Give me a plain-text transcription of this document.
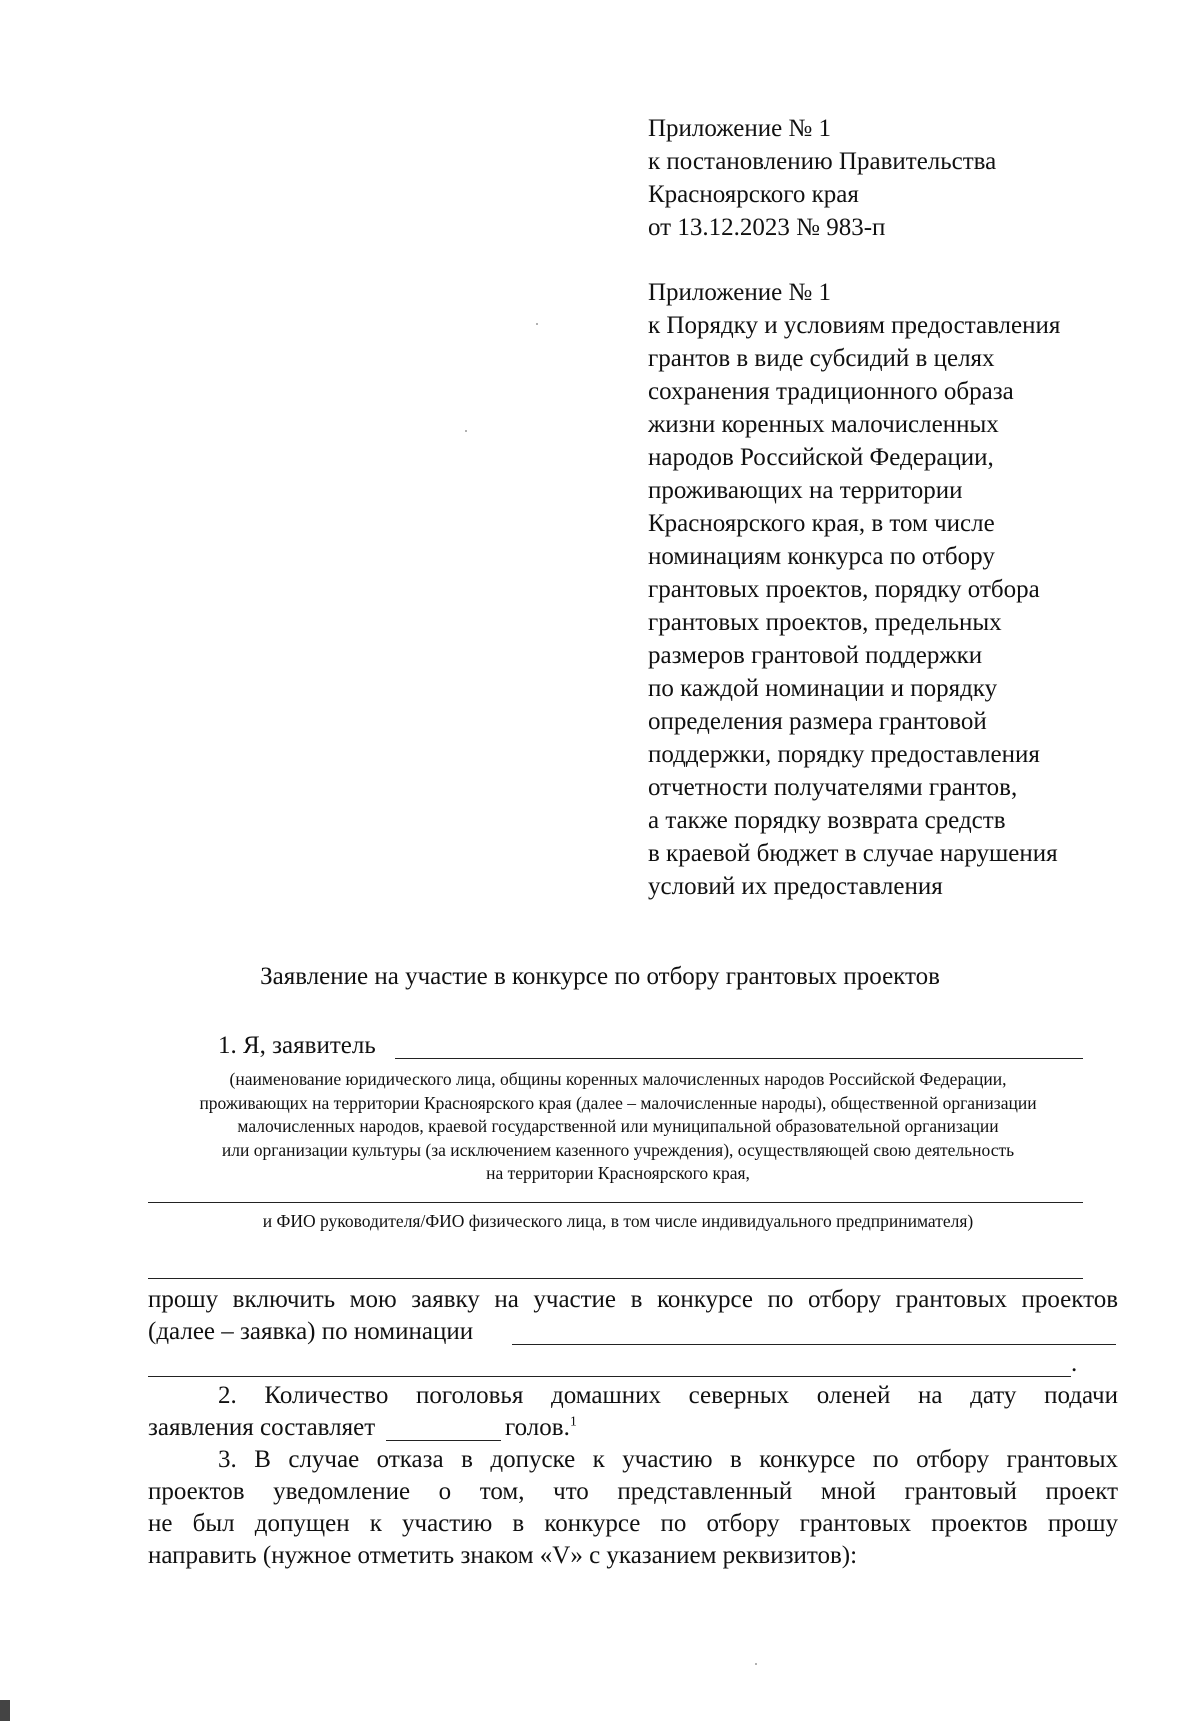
Приложение № 1
к постановлению Правительства
Красноярского края
от 13.12.2023 № 983-п
Приложение № 1
к Порядку и условиям предоставления
грантов в виде субсидий в целях
сохранения традиционного образа
жизни коренных малочисленных
народов Российской Федерации,
проживающих на территории
Красноярского края, в том числе
номинациям конкурса по отбору
грантовых проектов, порядку отбора
грантовых проектов, предельных
размеров грантовой поддержки
по каждой номинации и порядку
определения размера грантовой
поддержки, порядку предоставления
отчетности получателями грантов,
а также порядку возврата средств
в краевой бюджет в случае нарушения
условий их предоставления
Заявление на участие в конкурсе по отбору грантовых проектов
1. Я, заявитель
(наименование юридического лица, общины коренных малочисленных народов Российской Федерации,
проживающих на территории Красноярского края (далее – малочисленные народы), общественной организации
малочисленных народов, краевой государственной или муниципальной образовательной организации
или организации культуры (за исключением казенного учреждения), осуществляющей свою деятельность
на территории Красноярского края,
и ФИО руководителя/ФИО физического лица, в том числе индивидуального предпринимателя)
прошу включить мою заявку на участие в конкурсе по отбору грантовых проектов
(далее – заявка) по номинации
.
2. Количество поголовья домашних северных оленей на дату подачи
заявления составляет	голов.$^1$
3. В случае отказа в допуске к участию в конкурсе по отбору грантовых
проектов уведомление о том, что представленный мной грантовый проект
не был допущен к участию в конкурсе по отбору грантовых проектов прошу
направить (нужное отметить знаком «V» с указанием реквизитов):
